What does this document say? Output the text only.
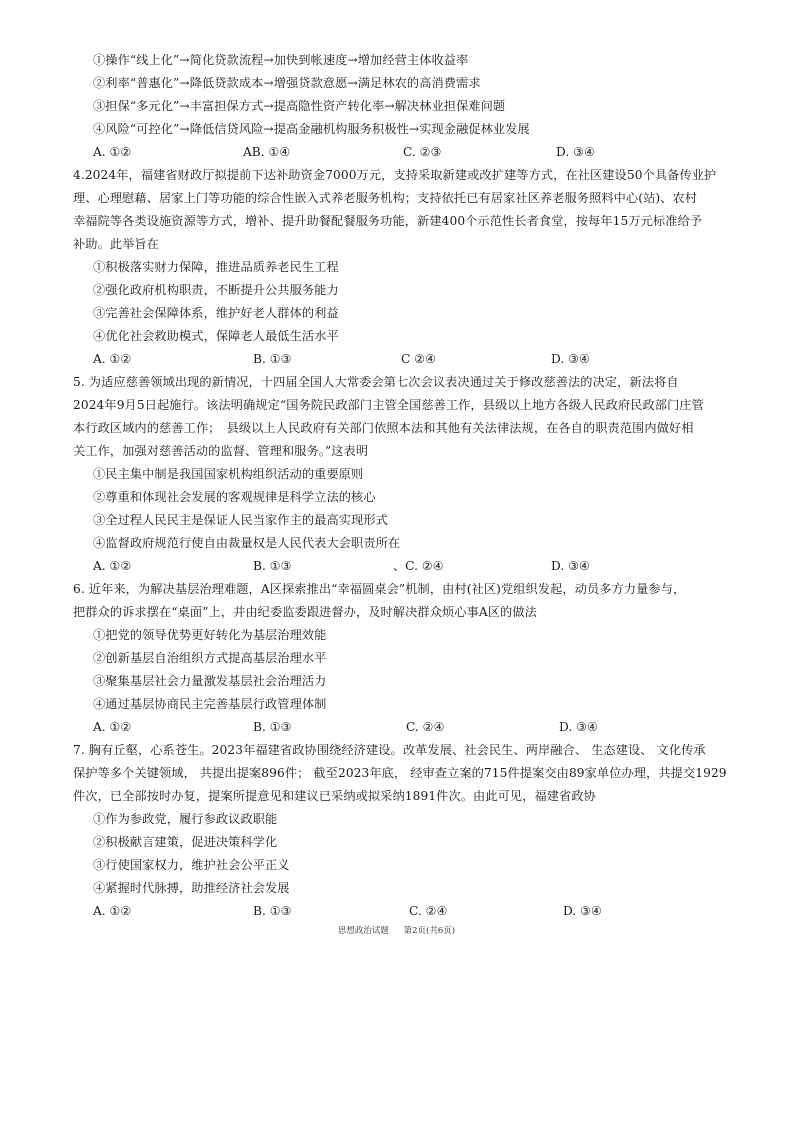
①操作“线上化”→简化贷款流程→加快到帐速度→增加经营主体收益率
②利率“普惠化”→降低贷款成本→增强贷款意愿→满足林农的高消费需求
③担保“多元化”→丰富担保方式→提高隐性资产转化率→解决林业担保难问题
④风险“可控化”→降低信贷风险→提高金融机构服务积极性→实现金融促林业发展
A. ①②	AB. ①④	C. ②③	D. ③④
4.2024年，福建省财政厅拟提前下达补助资金7000万元，支持采取新建或改扩建等方式，在社区建设50个具备传业护
理、心理慰藉、居家上门等功能的综合性嵌入式养老服务机构；支持依托已有居家社区养老服务照料中心(站)、农村
幸福院等各类设施资源等方式，增补、提升助餐配餐服务功能，新建400个示范性长者食堂，按每年15万元标准给予
补助。此举旨在
①积极落实财力保障，推进品质养老民生工程
②强化政府机构职责，不断提升公共服务能力
③完善社会保障体系，维护好老人群体的利益
④优化社会救助模式，保障老人最低生活水平
A. ①②	B. ①③	C ②④	D. ③④
5. 为适应慈善领域出现的新情况，十四届全国人大常委会第七次会议表决通过关于修改慈善法的决定，新法将自
2024年9月5日起施行。该法明确规定“国务院民政部门主管全国慈善工作，县级以上地方各级人民政府民政部门庄管
本行政区域内的慈善工作；　县级以上人民政府有关部门依照本法和其他有关法律法规，在各自的职责范围内做好相
关工作，加强对慈善活动的监督、管理和服务。”这表明
①民主集中制是我国国家机构组织活动的重要原则
②尊重和体现社会发展的客观规律是科学立法的核心
③全过程人民民主是保证人民当家作主的最高实现形式
④监督政府规范行使自由裁量权是人民代表大会职责所在
A. ①②	B. ①③	、C. ②④	D. ③④
6. 近年来，为解决基层治理难题，A区探索推出“幸福圆桌会”机制，由村(社区)党组织发起，动员多方力量参与，
把群众的诉求摆在“桌面”上，并由纪委监委跟进督办，及时解决群众烦心事A区的做法
①把党的领导优势更好转化为基层治理效能
②创新基层自治组织方式提高基层治理水平
③聚集基层社会力量激发基层社会治理活力
④通过基层协商民主完善基层行政管理体制
A. ①②	B. ①③	C. ②④	D. ③④
7. 胸有丘壑，心系苍生。2023年福建省政协围绕经济建设。改革发展、社会民生、两岸融合、 生态建设、 文化传承
保护等多个关键领域， 共提出提案896件； 截至2023年底， 经审查立案的715件提案交由89家单位办理，共提交1929
件次，已全部按时办复，提案所提意见和建议已采纳或拟采纳1891件次。由此可见，福建省政协
①作为参政党，履行参政议政职能
②积极献言建策，促进决策科学化
③行使国家权力，维护社会公平正义
④紧握时代脉搏，助推经济社会发展
A. ①②	B. ①③	C. ②④	D. ③④
思想政治试题 第2页(共6页)
